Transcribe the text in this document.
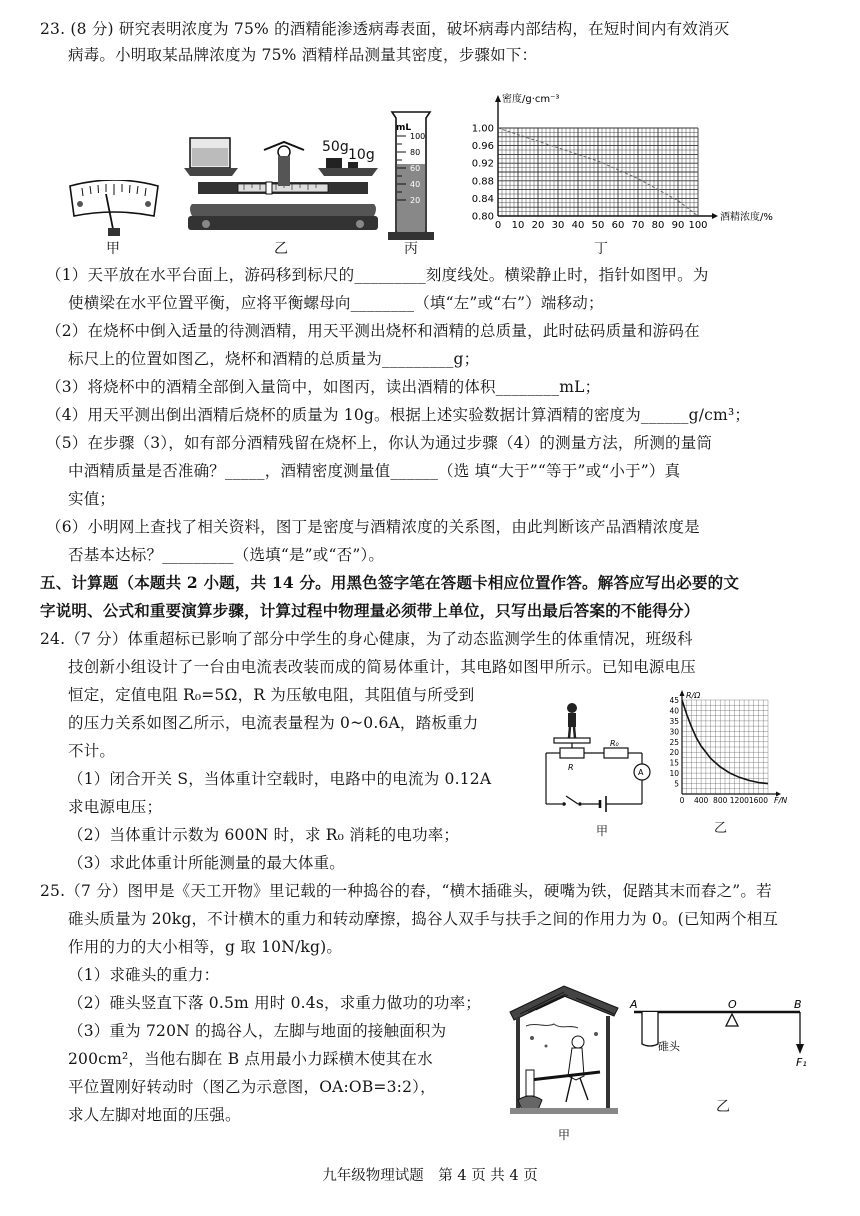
23. (8 分) 研究表明浓度为 75% 的酒精能渗透病毒表面，破坏病毒内部结构，在短时间内有效消灭
病毒。小明取某品牌浓度为 75% 酒精样品测量其密度，步骤如下：
甲
50g 10g
乙
mL
100
80
60
40
20
丙
0 10 20 30 40 50 60 70 80 90 100
0.80
0.84
0.88
0.92
0.96
1.00
密度/g·cm⁻³
酒精浓度/%
丁
（1）天平放在水平台面上，游码移到标尺的_________刻度线处。横梁静止时，指针如图甲。为
使横梁在水平位置平衡，应将平衡螺母向________（填“左”或“右”）端移动；
（2）在烧杯中倒入适量的待测酒精，用天平测出烧杯和酒精的总质量，此时砝码质量和游码在
标尺上的位置如图乙，烧杯和酒精的总质量为_________g；
（3）将烧杯中的酒精全部倒入量筒中，如图丙，读出酒精的体积________mL；
（4）用天平测出倒出酒精后烧杯的质量为 10g。根据上述实验数据计算酒精的密度为______g/cm³；
（5）在步骤（3），如有部分酒精残留在烧杯上，你认为通过步骤（4）的测量方法，所测的量筒
中酒精质量是否准确？_____，酒精密度测量值______（选 填“大于”“等于”或“小于”）真
实值；
（6）小明网上查找了相关资料，图丁是密度与酒精浓度的关系图，由此判断该产品酒精浓度是
否基本达标？_________（选填“是”或“否”）。
五、计算题（本题共 2 小题，共 14 分。用黑色签字笔在答题卡相应位置作答。解答应写出必要的文
字说明、公式和重要演算步骤，计算过程中物理量必须带上单位，只写出最后答案的不能得分）
24.（7 分）体重超标已影响了部分中学生的身心健康，为了动态监测学生的体重情况，班级科
技创新小组设计了一台由电流表改装而成的简易体重计，其电路如图甲所示。已知电源电压
恒定，定值电阻 R₀=5Ω，R 为压敏电阻，其阻值与所受到
的压力关系如图乙所示，电流表量程为 0~0.6A，踏板重力
不计。
（1）闭合开关 S，当体重计空载时，电路中的电流为 0.12A
求电源电压；
（2）当体重计示数为 600N 时，求 R₀ 消耗的电功率；
（3）求此体重计所能测量的最大体重。
R
R₀
A
甲
5
10
15
20
25
30
35
40
45
0 400 800 1200 1600
R/Ω
F/N
乙
25.（7 分）图甲是《天工开物》里记载的一种捣谷的舂，“横木插碓头，硬嘴为铁，促踏其末而舂之”。若
碓头质量为 20kg，不计横木的重力和转动摩擦，捣谷人双手与扶手之间的作用力为 0。(已知两个相互
作用的力的大小相等，g 取 10N/kg)。
（1）求碓头的重力：
（2）碓头竖直下落 0.5m 用时 0.4s，求重力做功的功率；
（3）重为 720N 的捣谷人，左脚与地面的接触面积为
200cm²，当他右脚在 B 点用最小力踩横木使其在水
平位置刚好转动时（图乙为示意图，OA:OB=3:2），
求人左脚对地面的压强。
甲
A	O	B
F₁
碓头
乙
九年级物理试题　第 4 页 共 4 页
